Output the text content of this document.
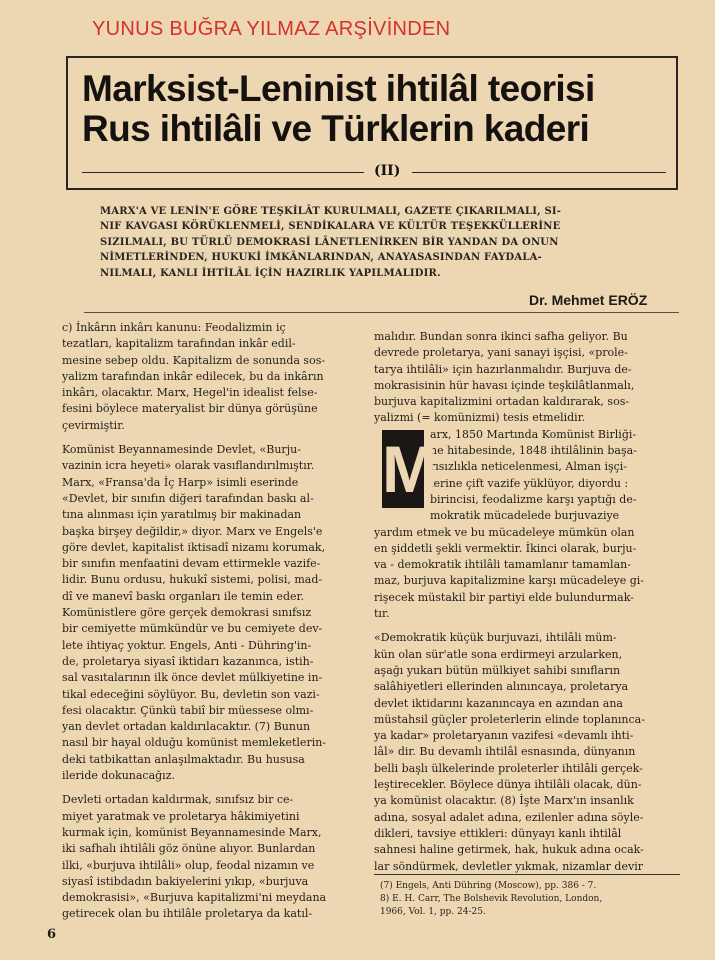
YUNUS BUĞRA YILMAZ ARŞİVİNDEN
Marksist-Leninist ihtilâl teorisi
Rus ihtilâli ve Türklerin kaderi
(II)
MARX'A VE LENİN'E GÖRE TEŞKİLÂT KURULMALI, GAZETE ÇIKARILMALI, SI-
NIF KAVGASI KÖRÜKLENMELİ, SENDİKALARA VE KÜLTÜR TEŞEKKÜLLERİNE
SIZILMALI, BU TÜRLÜ DEMOKRASİ LÂNETLENİRKEN BİR YANDAN DA ONUN
NİMETLERİNDEN, HUKUKİ İMKÂNLARINDAN, ANAYASASINDAN FAYDALA-
NILMALI, KANLI İHTİLÂL İÇİN HAZIRLIK YAPILMALIDIR.
Dr. Mehmet ERÖZ
c) İnkârın inkârı kanunu: Feodalizmin iç
tezatları, kapitalizm tarafından inkâr edil-
mesine sebep oldu. Kapitalizm de sonunda sos-
yalizm tarafından inkâr edilecek, bu da inkârın
inkârı, olacaktır. Marx, Hegel'in idealist felse-
fesini böylece materyalist bir dünya görüşüne
çevirmiştir.
Komünist Beyannamesinde Devlet, «Burju-
vazinin icra heyeti» olarak vasıflandırılmıştır.
Marx, «Fransa'da İç Harp» isimli eserinde
«Devlet, bir sınıfın diğeri tarafından baskı al-
tına alınması için yaratılmış bir makinadan
başka birşey değildir,» diyor. Marx ve Engels'e
göre devlet, kapitalist iktisadî nizamı korumak,
bir sınıfın menfaatini devam ettirmekle vazife-
lidir. Bunu ordusu, hukukî sistemi, polisi, mad-
dî ve manevî baskı organları ile temin eder.
Komünistlere göre gerçek demokrasi sınıfsız
bir cemiyette mümkündür ve bu cemiyete dev-
lete ihtiyaç yoktur. Engels, Anti - Dühring'in-
de, proletarya siyasî iktidarı kazanınca, istih-
sal vasıtalarının ilk önce devlet mülkiyetine in-
tikal edeceğini söylüyor. Bu, devletin son vazi-
fesi olacaktır. Çünkü tabiî bir müessese olmı-
yan devlet ortadan kaldırılacaktır. (7) Bunun
nasıl bir hayal olduğu komünist memleketlerin-
deki tatbikattan anlaşılmaktadır. Bu hususa
ileride dokunacağız.
Devleti ortadan kaldırmak, sınıfsız bir ce-
miyet yaratmak ve proletarya hâkimiyetini
kurmak için, komünist Beyannamesinde Marx,
iki safhalı ihtilâli göz önüne alıyor. Bunlardan
ilki, «burjuva ihtilâli» olup, feodal nizamın ve
siyasî istibdadın bakiyelerini yıkıp, «burjuva
demokrasisi», «Burjuva kapitalizmi'ni meydana
getirecek olan bu ihtilâle proletarya da katıl-
malıdır. Bundan sonra ikinci safha geliyor. Bu
devrede proletarya, yani sanayi işçisi, «prole-
tarya ihtilâli» için hazırlanmalıdır. Burjuva de-
mokrasisinin hür havası içinde teşkilâtlanmalı,
burjuva kapitalizmini ortadan kaldırarak, sos-
yalizmi (= komünizmi) tesis etmelidir.
arx, 1850 Martında Komünist Birliği-
ne hitabesinde, 1848 ihtilâlinin başa-
rısızlıkla neticelenmesi, Alman işçi-
lerine çift vazife yüklüyor, diyordu :
birincisi, feodalizme karşı yaptığı de-
mokratik mücadelede burjuvaziye
yardım etmek ve bu mücadeleye mümkün olan
en şiddetli şekli vermektir. İkinci olarak, burju-
va - demokratik ihtilâli tamamlanır tamamlan-
maz, burjuva kapitalizmine karşı mücadeleye gi-
rişecek müstakil bir partiyi elde bulundurmak-
tır.
«Demokratik küçük burjuvazi, ihtilâli müm-
kün olan sür'atle sona erdirmeyi arzularken,
aşağı yukarı bütün mülkiyet sahibi sınıfların
salâhiyetleri ellerinden alınıncaya, proletarya
devlet iktidarını kazanıncaya en azından ana
müstahsil güçler proleterlerin elinde toplanınca-
ya kadar» proletaryanın vazifesi «devamlı ihti-
lâl» dir. Bu devamlı ihtilâl esnasında, dünyanın
belli başlı ülkelerinde proleterler ihtilâli gerçek-
leştirecekler. Böylece dünya ihtilâli olacak, dün-
ya komünist olacaktır. (8) İşte Marx'ın insanlık
adına, sosyal adalet adına, ezilenler adına söyle-
dikleri, tavsiye ettikleri: dünyayı kanlı ihtilâl
sahnesi haline getirmek, hak, hukuk adına ocak-
lar söndürmek, devletler yıkmak, nizamlar devir
M
(7) Engels, Anti Dühring (Moscow), pp. 386 - 7.
8) E. H. Carr, The Bolshevik Revolution, London,
1966, Vol. 1, pp. 24-25.
6
